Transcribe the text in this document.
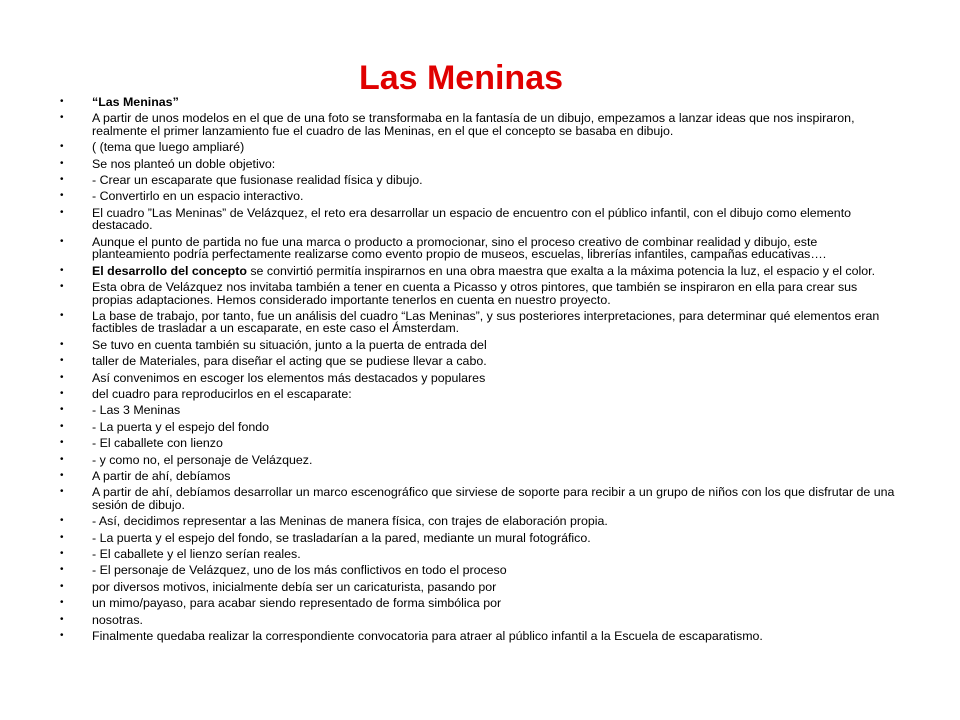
Las Meninas
• “Las Meninas”
• A partir de unos modelos en el que de una foto se transformaba en la fantasía de un dibujo, empezamos a lanzar ideas que nos inspiraron, realmente el primer lanzamiento fue el cuadro de las Meninas, en el que el concepto se basaba en dibujo.
• ( (tema que luego ampliaré)
• Se nos planteó un doble objetivo:
• - Crear un escaparate que fusionase realidad física y dibujo.
• - Convertirlo en un espacio interactivo.
• El cuadro ”Las Meninas” de Velázquez, el reto era desarrollar un espacio de encuentro con el público infantil, con el dibujo como elemento destacado.
• Aunque el punto de partida no fue una marca o producto a promocionar, sino el proceso creativo de combinar realidad y dibujo, este planteamiento podría perfectamente realizarse como evento propio de museos, escuelas, librerías infantiles, campañas educativas….
• El desarrollo del concepto se convirtió permitía inspirarnos en una obra maestra que exalta a la máxima potencia la luz, el espacio y el color.
• Esta obra de Velázquez nos invitaba también a tener en cuenta a Picasso y otros pintores, que también se inspiraron en ella para crear sus propias adaptaciones. Hemos considerado importante tenerlos en cuenta en nuestro proyecto.
• La base de trabajo, por tanto, fue un análisis del cuadro “Las Meninas”, y sus posteriores interpretaciones, para determinar qué elementos eran factibles de trasladar a un escaparate, en este caso el Ámsterdam.
• Se tuvo en cuenta también su situación, junto a la puerta de entrada del
• taller de Materiales, para diseñar el acting que se pudiese llevar a cabo.
• Así convenimos en escoger los elementos más destacados y populares
• del cuadro para reproducirlos en el escaparate:
• - Las 3 Meninas
• - La puerta y el espejo del fondo
• - El caballete con lienzo
• - y como no, el personaje de Velázquez.
• A partir de ahí, debíamos
• A partir de ahí, debíamos desarrollar un marco escenográfico que sirviese de soporte para recibir a un grupo de niños con los que disfrutar de una sesión de dibujo.
• - Así, decidimos representar a las Meninas de manera física, con trajes de elaboración propia.
• - La puerta y el espejo del fondo, se trasladarían a la pared, mediante un mural fotográfico.
• - El caballete y el lienzo serían reales.
• - El personaje de Velázquez, uno de los más conflictivos en todo el proceso
• por diversos motivos, inicialmente debía ser un caricaturista, pasando por
• un mimo/payaso, para acabar siendo representado de forma simbólica por
• nosotras.
• Finalmente quedaba realizar la correspondiente convocatoria para atraer al público infantil a la Escuela de escaparatismo.
